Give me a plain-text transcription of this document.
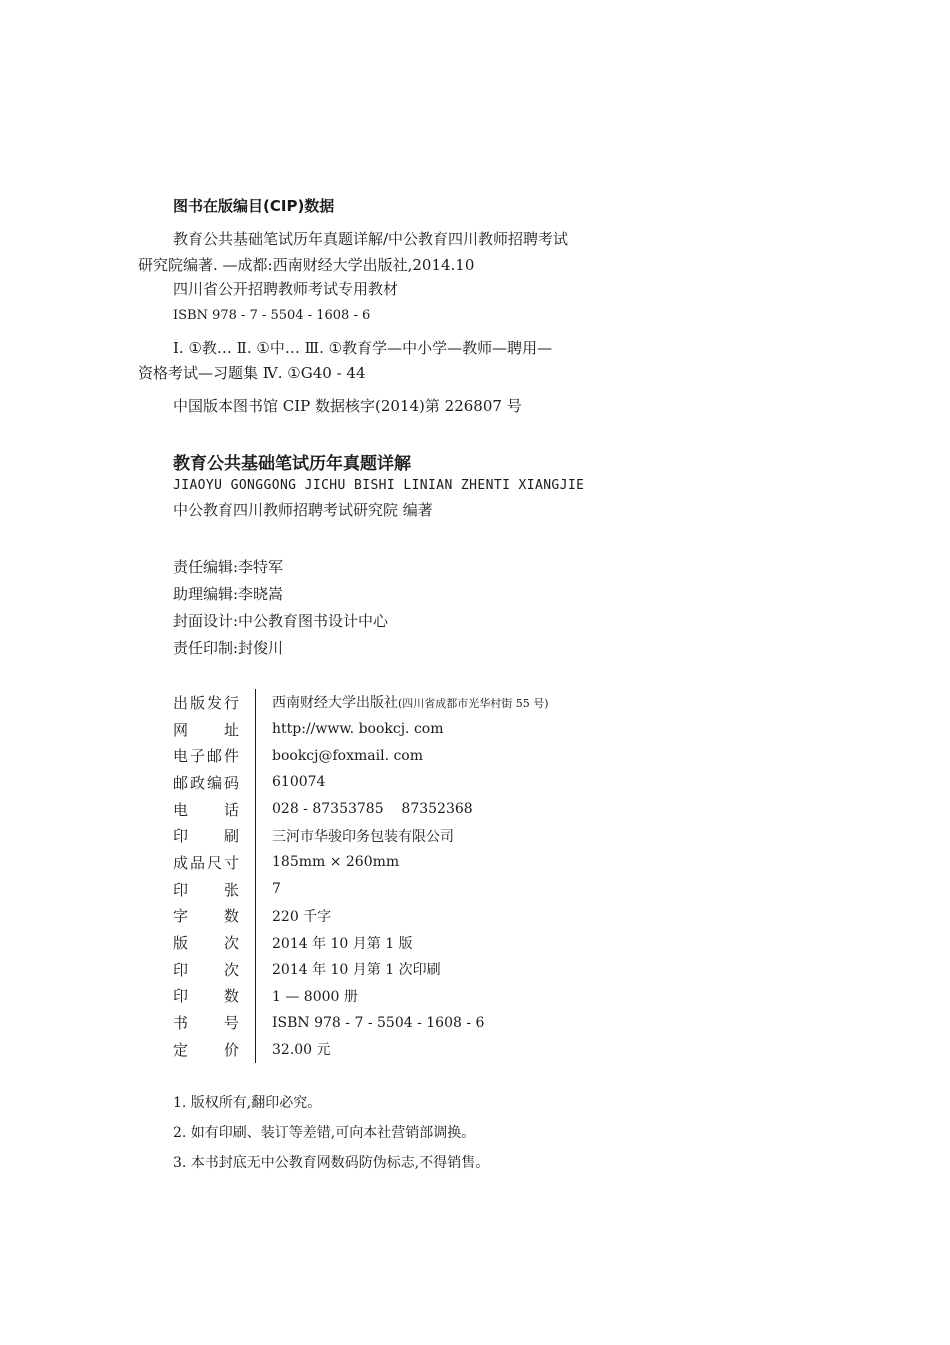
图书在版编目(CIP)数据
教育公共基础笔试历年真题详解/中公教育四川教师招聘考试
研究院编著. —成都:西南财经大学出版社,2014.10
四川省公开招聘教师考试专用教材
ISBN 978 - 7 - 5504 - 1608 - 6
Ⅰ. ①教… Ⅱ. ①中… Ⅲ. ①教育学—中小学—教师—聘用—
资格考试—习题集 Ⅳ. ①G40 - 44
中国版本图书馆 CIP 数据核字(2014)第 226807 号
教育公共基础笔试历年真题详解
JIAOYU GONGGONG JICHU BISHI LINIAN ZHENTI XIANGJIE
中公教育四川教师招聘考试研究院 编著
责任编辑:李特军
助理编辑:李晓嵩
封面设计:中公教育图书设计中心
责任印制:封俊川
出版发行 西南财经大学出版社(四川省成都市光华村街 55 号)
网址 http://www. bookcj. com
电子邮件 bookcj@foxmail. com
邮政编码 610074
电话 028 - 87353785    87352368
印刷 三河市华骏印务包装有限公司
成品尺寸 185mm × 260mm
印张 7
字数 220 千字
版次 2014 年 10 月第 1 版
印次 2014 年 10 月第 1 次印刷
印数 1 — 8000 册
书号 ISBN 978 - 7 - 5504 - 1608 - 6
定价 32.00 元
1. 版权所有,翻印必究。
2. 如有印刷、装订等差错,可向本社营销部调换。
3. 本书封底无中公教育网数码防伪标志,不得销售。
